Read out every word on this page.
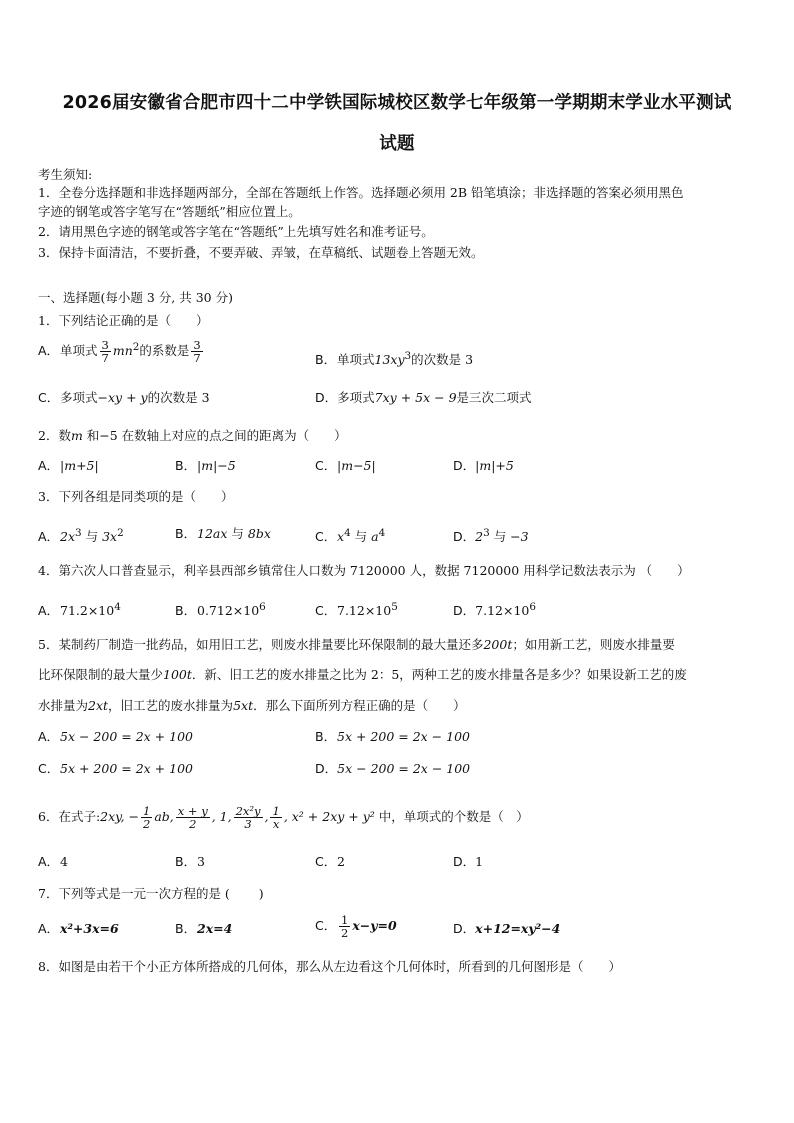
2026届安徽省合肥市四十二中学铁国际城校区数学七年级第一学期期末学业水平测试
试题
考生须知:
1．全卷分选择题和非选择题两部分，全部在答题纸上作答。选择题必须用 2B 铅笔填涂；非选择题的答案必须用黑色
字迹的钢笔或答字笔写在“答题纸”相应位置上。
2．请用黑色字迹的钢笔或答字笔在“答题纸”上先填写姓名和准考证号。
3．保持卡面清洁，不要折叠，不要弄破、弄皱，在草稿纸、试题卷上答题无效。
一、选择题(每小题 3 分, 共 30 分)
1．下列结论正确的是（　　）
A．单项式 $\frac{3}{7} mn^2$的系数是 $\frac{3}{7}$	B．单项式$13xy^3$的次数是 3
C．多项式−xy + y的次数是 3	D．多项式7xy + 5x − 9是三次二项式
2．数m 和−5 在数轴上对应的点之间的距离为（　　）
A．|m+5|	B．|m|−5	C．|m−5|	D．|m|+5
3．下列各组是同类项的是（　　）
A．$2x^3$ 与 $3x^2$	B．12ax 与 8bx	C．$x^4$ 与 $a^4$	D．$2^3$ 与 −3
4．第六次人口普查显示，利辛县西部乡镇常住人口数为 7120000 人，数据 7120000 用科学记数法表示为 （　　）
A．$71.2\times 10^4$	B．$0.712\times 10^6$	C．$7.12\times 10^5$	D．$7.12\times 10^6$
5．某制药厂制造一批药品，如用旧工艺，则废水排量要比环保限制的最大量还多200t；如用新工艺，则废水排量要
比环保限制的最大量少100t．新、旧工艺的废水排量之比为 2：5，两种工艺的废水排量各是多少？如果设新工艺的废
水排量为2xt，旧工艺的废水排量为5xt．那么下面所列方程正确的是（　　）
A．5x − 200 = 2x + 100	B．5x + 200 = 2x − 100
C．5x + 200 = 2x + 100	D．5x − 200 = 2x − 100
6．在式子:2xy, − $\frac{1}{2}$ ab, $\frac{x + y}{2}$ , 1, $\frac{\text{2x²y}}{3}$ , $\frac{1}{x}$ , x² + 2xy + y² 中，单项式的个数是（　）
A．4	B．3	C．2	D．1
7．下列等式是一元一次方程的是 (　　 )
A．x²+3x=6	B．2x=4	C． $\frac{1}{2} x-y=0$	D．x+12=xy²−4
8．如图是由若干个小正方体所搭成的几何体，那么从左边看这个几何体时，所看到的几何图形是（　　）
